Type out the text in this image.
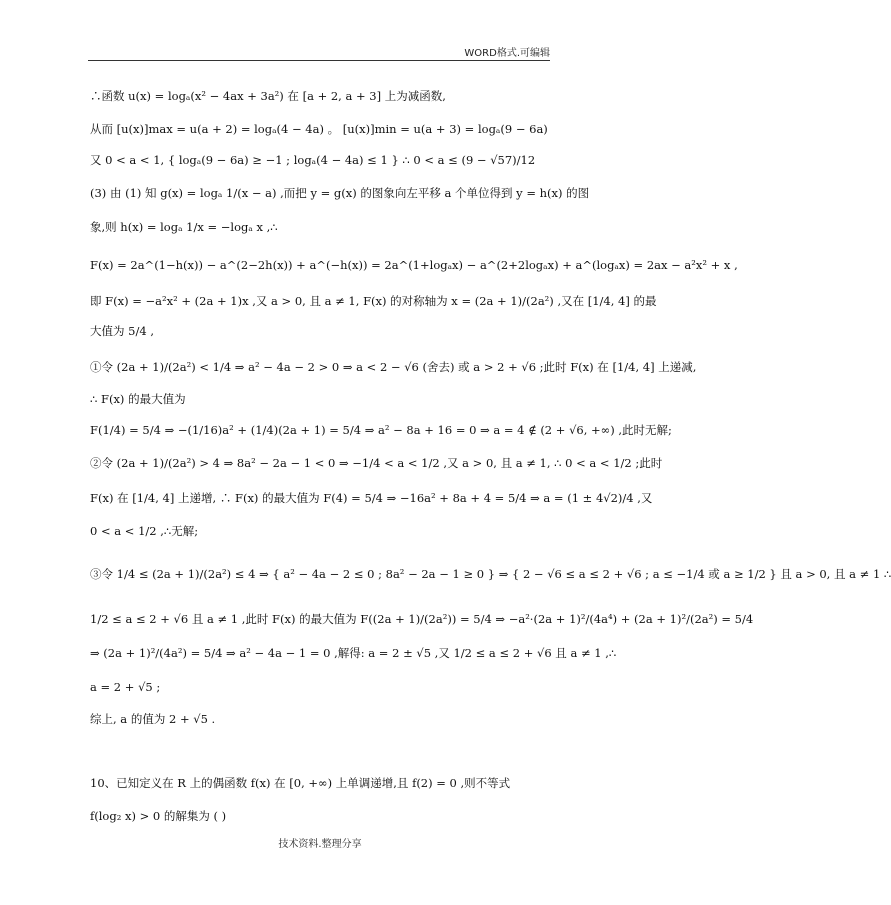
WORD格式.可编辑
∴函数 u(x) = logₐ(x² − 4ax + 3a²) 在 [a + 2, a + 3] 上为减函数,
从而 [u(x)]max = u(a + 2) = logₐ(4 − 4a) 。 [u(x)]min = u(a + 3) = logₐ(9 − 6a)
又 0 < a < 1, { logₐ(9 − 6a) ≥ −1 ; logₐ(4 − 4a) ≤ 1 } ∴ 0 < a ≤ (9 − √57)/12
(3) 由 (1) 知 g(x) = logₐ 1/(x − a) ,而把 y = g(x) 的图象向左平移 a 个单位得到 y = h(x) 的图
象,则 h(x) = logₐ 1/x = −logₐ x ,∴
F(x) = 2a^(1−h(x)) − a^(2−2h(x)) + a^(−h(x)) = 2a^(1+logₐx) − a^(2+2logₐx) + a^(logₐx) = 2ax − a²x² + x ,
即 F(x) = −a²x² + (2a + 1)x ,又 a > 0, 且 a ≠ 1, F(x) 的对称轴为 x = (2a + 1)/(2a²) ,又在 [1/4, 4] 的最
大值为 5/4 ,
①令 (2a + 1)/(2a²) < 1/4 ⇒ a² − 4a − 2 > 0 ⇒ a < 2 − √6 (舍去) 或 a > 2 + √6 ;此时 F(x) 在 [1/4, 4] 上递减,
∴ F(x) 的最大值为
F(1/4) = 5/4 ⇒ −(1/16)a² + (1/4)(2a + 1) = 5/4 ⇒ a² − 8a + 16 = 0 ⇒ a = 4 ∉ (2 + √6, +∞) ,此时无解;
②令 (2a + 1)/(2a²) > 4 ⇒ 8a² − 2a − 1 < 0 ⇒ −1/4 < a < 1/2 ,又 a > 0, 且 a ≠ 1, ∴ 0 < a < 1/2 ;此时
F(x) 在 [1/4, 4] 上递增, ∴ F(x) 的最大值为 F(4) = 5/4 ⇒ −16a² + 8a + 4 = 5/4 ⇒ a = (1 ± 4√2)/4 ,又
0 < a < 1/2 ,∴无解;
③令 1/4 ≤ (2a + 1)/(2a²) ≤ 4 ⇒ { a² − 4a − 2 ≤ 0 ; 8a² − 2a − 1 ≥ 0 } ⇒ { 2 − √6 ≤ a ≤ 2 + √6 ; a ≤ −1/4 或 a ≥ 1/2 } 且 a > 0, 且 a ≠ 1 ∴
1/2 ≤ a ≤ 2 + √6 且 a ≠ 1 ,此时 F(x) 的最大值为 F((2a + 1)/(2a²)) = 5/4 ⇒ −a²·(2a + 1)²/(4a⁴) + (2a + 1)²/(2a²) = 5/4
⇒ (2a + 1)²/(4a²) = 5/4 ⇒ a² − 4a − 1 = 0 ,解得: a = 2 ± √5 ,又 1/2 ≤ a ≤ 2 + √6 且 a ≠ 1 ,∴
a = 2 + √5 ;
综上, a 的值为 2 + √5 .
10、已知定义在 R 上的偶函数 f(x) 在 [0, +∞) 上单调递增,且 f(2) = 0 ,则不等式
f(log₂ x) > 0 的解集为 ( )
技术资料.整理分享
